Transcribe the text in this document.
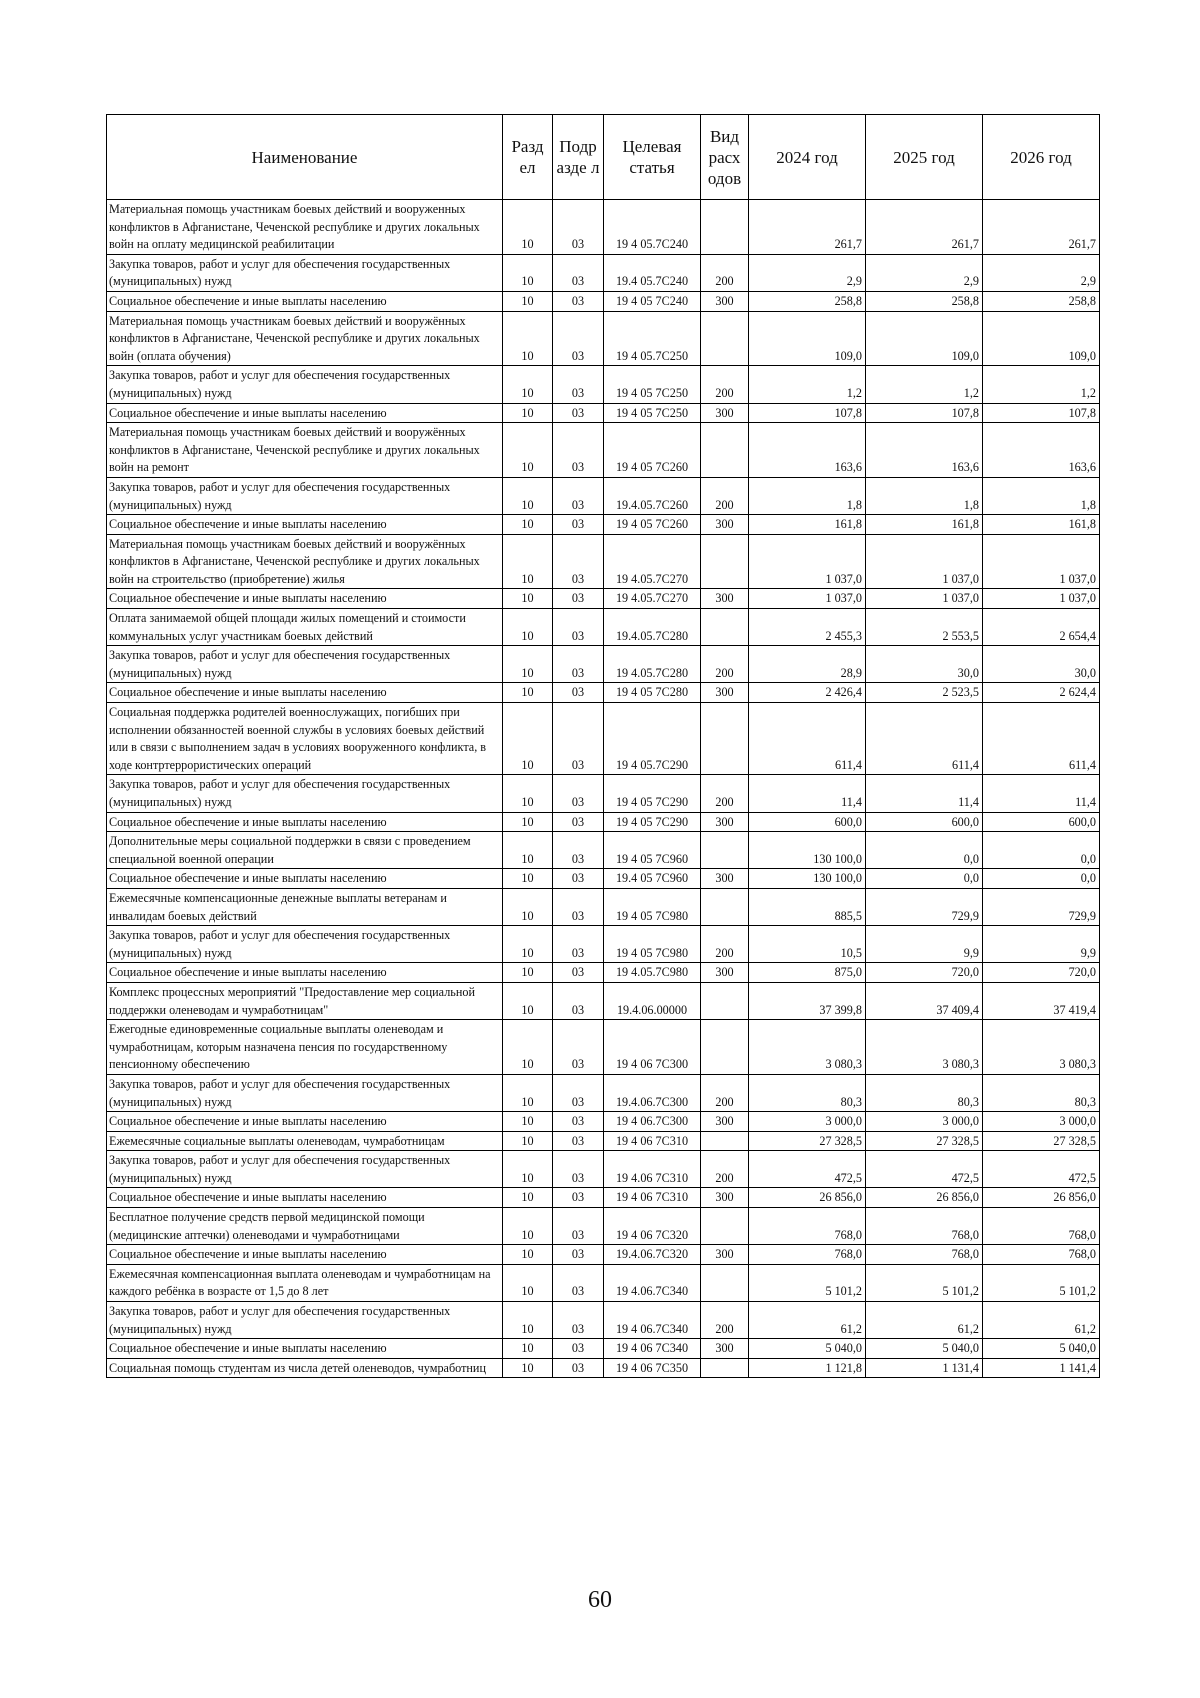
Наименование	Разд ел	Подр азде л	Целевая статья	Вид расх одов	2024 год	2025 год	2026 год
Материальная помощь участникам боевых действий и вооруженных конфликтов в Афганистане, Чеченской республике и других локальных войн на оплату медицинской реабилитации	10	03	19 4 05.7С240		261,7	261,7	261,7
Закупка товаров, работ и услуг для обеспечения государственных (муниципальных) нужд	10	03	19.4 05.7С240	200	2,9	2,9	2,9
Социальное обеспечение и иные выплаты населению	10	03	19 4 05 7С240	300	258,8	258,8	258,8
Материальная помощь участникам боевых действий и вооружённых конфликтов в Афганистане, Чеченской республике и других локальных войн (оплата обучения)	10	03	19 4 05.7С250		109,0	109,0	109,0
Закупка товаров, работ и услуг для обеспечения государственных (муниципальных) нужд	10	03	19 4 05 7С250	200	1,2	1,2	1,2
Социальное обеспечение и иные выплаты населению	10	03	19 4 05 7С250	300	107,8	107,8	107,8
Материальная помощь участникам боевых действий и вооружённых конфликтов в Афганистане, Чеченской республике и других локальных войн на ремонт	10	03	19 4 05 7С260		163,6	163,6	163,6
Закупка товаров, работ и услуг для обеспечения государственных (муниципальных) нужд	10	03	19.4.05.7С260	200	1,8	1,8	1,8
Социальное обеспечение и иные выплаты населению	10	03	19 4 05 7С260	300	161,8	161,8	161,8
Материальная помощь участникам боевых действий и вооружённых конфликтов в Афганистане, Чеченской республике и других локальных войн на строительство (приобретение) жилья	10	03	19 4.05.7С270		1 037,0	1 037,0	1 037,0
Социальное обеспечение и иные выплаты населению	10	03	19 4.05.7С270	300	1 037,0	1 037,0	1 037,0
Оплата занимаемой общей площади жилых помещений и стоимости коммунальных услуг участникам боевых действий	10	03	19.4.05.7С280		2 455,3	2 553,5	2 654,4
Закупка товаров, работ и услуг для обеспечения государственных (муниципальных) нужд	10	03	19 4.05.7С280	200	28,9	30,0	30,0
Социальное обеспечение и иные выплаты населению	10	03	19 4 05 7С280	300	2 426,4	2 523,5	2 624,4
Социальная поддержка родителей военнослужащих, погибших при исполнении обязанностей военной службы в условиях боевых действий или в связи с выполнением задач в условиях вооруженного конфликта, в ходе контртеррористических операций	10	03	19 4 05.7С290		611,4	611,4	611,4
Закупка товаров, работ и услуг для обеспечения государственных (муниципальных) нужд	10	03	19 4 05 7С290	200	11,4	11,4	11,4
Социальное обеспечение и иные выплаты населению	10	03	19 4 05 7С290	300	600,0	600,0	600,0
Дополнительные меры социальной поддержки в связи с проведением специальной военной операции	10	03	19 4 05 7С960		130 100,0	0,0	0,0
Социальное обеспечение и иные выплаты населению	10	03	19.4 05 7С960	300	130 100,0	0,0	0,0
Ежемесячные компенсационные денежные выплаты ветеранам и инвалидам боевых действий	10	03	19 4 05 7С980		885,5	729,9	729,9
Закупка товаров, работ и услуг для обеспечения государственных (муниципальных) нужд	10	03	19 4 05 7С980	200	10,5	9,9	9,9
Социальное обеспечение и иные выплаты населению	10	03	19 4.05.7С980	300	875,0	720,0	720,0
Комплекс процессных мероприятий "Предоставление мер социальной поддержки оленеводам и чумработницам"	10	03	19.4.06.00000		37 399,8	37 409,4	37 419,4
Ежегодные единовременные социальные выплаты оленеводам и чумработницам, которым назначена пенсия по государственному пенсионному обеспечению	10	03	19 4 06 7С300		3 080,3	3 080,3	3 080,3
Закупка товаров, работ и услуг для обеспечения государственных (муниципальных) нужд	10	03	19.4.06.7С300	200	80,3	80,3	80,3
Социальное обеспечение и иные выплаты населению	10	03	19 4 06.7С300	300	3 000,0	3 000,0	3 000,0
Ежемесячные социальные выплаты оленеводам, чумработницам	10	03	19 4 06 7С310		27 328,5	27 328,5	27 328,5
Закупка товаров, работ и услуг для обеспечения государственных (муниципальных) нужд	10	03	19 4.06 7С310	200	472,5	472,5	472,5
Социальное обеспечение и иные выплаты населению	10	03	19 4 06 7С310	300	26 856,0	26 856,0	26 856,0
Бесплатное получение средств первой медицинской помощи (медицинские аптечки) оленеводами и чумработницами	10	03	19 4 06 7С320		768,0	768,0	768,0
Социальное обеспечение и иные выплаты населению	10	03	19.4.06.7С320	300	768,0	768,0	768,0
Ежемесячная компенсационная выплата оленеводам и чумработницам на каждого ребёнка в возрасте от 1,5 до 8 лет	10	03	19 4.06.7С340		5 101,2	5 101,2	5 101,2
Закупка товаров, работ и услуг для обеспечения государственных (муниципальных) нужд	10	03	19 4 06.7С340	200	61,2	61,2	61,2
Социальное обеспечение и иные выплаты населению	10	03	19 4 06 7С340	300	5 040,0	5 040,0	5 040,0
Социальная помощь студентам из числа детей оленеводов, чумработниц	10	03	19 4 06 7С350		1 121,8	1 131,4	1 141,4
60
